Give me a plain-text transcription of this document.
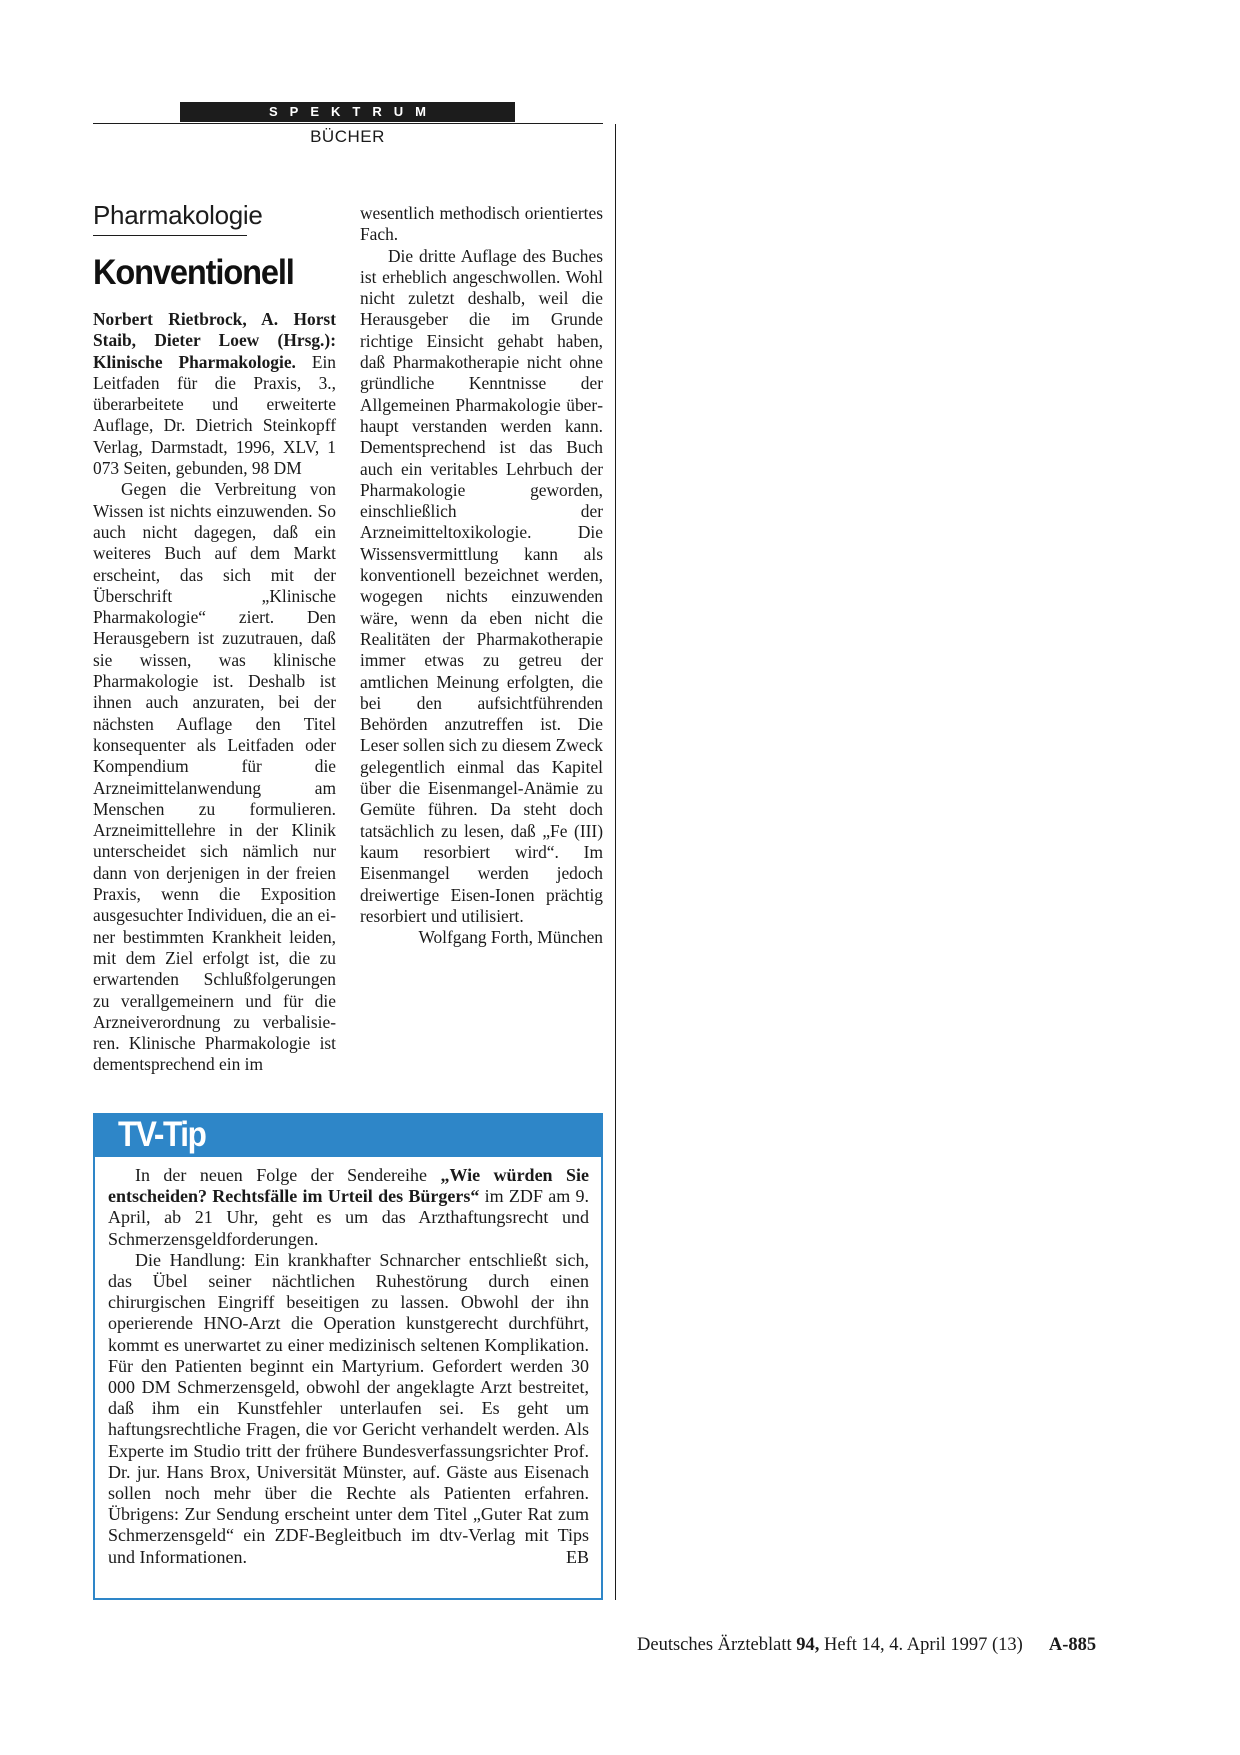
SPEKTRUM
BÜCHER
Pharmakologie
Konventionell

Norbert Rietbrock, A. Horst Staib, Dieter Loew (Hrsg.): Klinische Pharmakologie. Ein Leitfaden für die Praxis, 3., überarbeitete und erweiterte Auflage, Dr. Dietrich Steinkopff Verlag, Darmstadt, 1996, XLV, 1 073 Seiten, gebunden, 98 DM

Gegen die Verbreitung von Wissen ist nichts einzuwenden. So auch nicht dagegen, daß ein weiteres Buch auf dem Markt erscheint, das sich mit der Überschrift „Klinische Pharmakologie“ ziert. Den Herausgebern ist zuzutrauen, daß sie wissen, was klinische Pharmakologie ist. Deshalb ist ihnen auch anzuraten, bei der nächsten Auflage den Titel konsequenter als Leitfaden oder Kompendium für die Arzneimittelanwendung am Menschen zu formulieren. Arzneimittellehre in der Klinik unterscheidet sich nämlich nur dann von derjenigen in der freien Praxis, wenn die Exposition ausgesuchter Individuen, die an einer bestimmten Krankheit leiden, mit dem Ziel erfolgt ist, die zu erwartenden Schlußfolgerungen zu verallgemeinern und für die Arzneiverordnung zu verbalisieren. Klinische Pharmakologie ist dementsprechend ein im

wesentlich methodisch orientiertes Fach.

Die dritte Auflage des Buches ist erheblich angeschwollen. Wohl nicht zuletzt deshalb, weil die Herausgeber die im Grunde richtige Einsicht gehabt haben, daß Pharmakotherapie nicht ohne gründliche Kenntnisse der Allgemeinen Pharmakologie überhaupt verstanden werden kann. Dementsprechend ist das Buch auch ein veritables Lehrbuch der Pharmakologie geworden, einschließlich der Arzneimitteltoxikologie. Die Wissensvermittlung kann als konventionell bezeichnet werden, wogegen nichts einzuwenden wäre, wenn da eben nicht die Realitäten der Pharmakotherapie immer etwas zu getreu der amtlichen Meinung erfolgten, die bei den aufsichtführenden Behörden anzutreffen ist. Die Leser sollen sich zu diesem Zweck gelegentlich einmal das Kapitel über die Eisenmangel-Anämie zu Gemüte führen. Da steht doch tatsächlich zu lesen, daß „Fe (III) kaum resorbiert wird“. Im Eisenmangel werden jedoch dreiwertige Eisen-Ionen prächtig resorbiert und utilisiert.

Wolfgang Forth, München

TV-Tip

In der neuen Folge der Sendereihe „Wie würden Sie entscheiden? Rechtsfälle im Urteil des Bürgers“ im ZDF am 9. April, ab 21 Uhr, geht es um das Arzthaftungsrecht und Schmerzensgeldforderungen.

Die Handlung: Ein krankhafter Schnarcher entschließt sich, das Übel seiner nächtlichen Ruhestörung durch einen chirurgischen Eingriff beseitigen zu lassen. Obwohl der ihn operierende HNO-Arzt die Operation kunstgerecht durchführt, kommt es unerwartet zu einer medizinisch seltenen Komplikation. Für den Patienten beginnt ein Martyrium. Gefordert werden 30 000 DM Schmerzensgeld, obwohl der angeklagte Arzt bestreitet, daß ihm ein Kunstfehler unterlaufen sei. Es geht um haftungsrechtliche Fragen, die vor Gericht verhandelt werden. Als Experte im Studio tritt der frühere Bundesverfassungsrichter Prof. Dr. jur. Hans Brox, Universität Münster, auf. Gäste aus Eisenach sollen noch mehr über die Rechte als Patienten erfahren. Übrigens: Zur Sendung erscheint unter dem Titel „Guter Rat zum Schmerzensgeld“ ein ZDF-Begleitbuch im dtv-Verlag mit Tips und Informationen.	EB

Deutsches Ärzteblatt 94, Heft 14, 4. April 1997 (13) A-885
